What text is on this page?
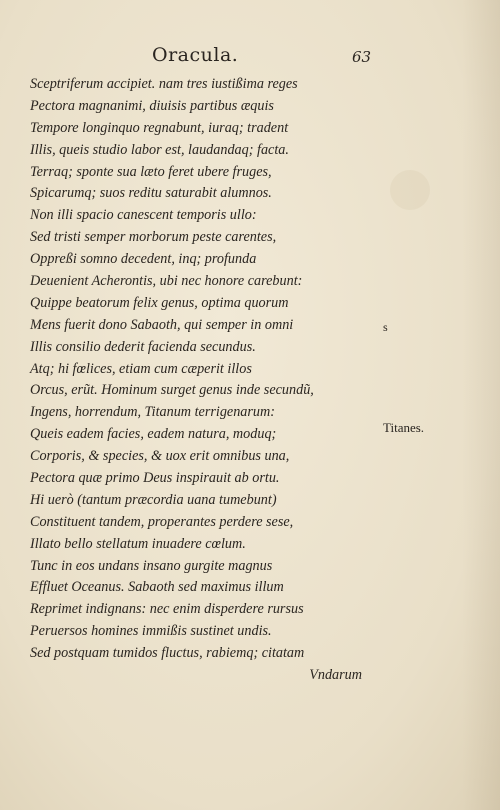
Oracula.	63
Sceptriferum accipiet. nam tres iustißima reges
Pectora magnanimi, diuisis partibus æquis
Tempore longinquo regnabunt, iuraq; tradent
Illis, queis studio labor est, laudandaq; facta.
Terraq; sponte sua læto feret ubere fruges,
Spicarumq; suos reditu saturabit alumnos.
Non illi spacio canescent temporis ullo:
Sed tristi semper morborum peste carentes,
Oppreßi somno decedent, inq; profunda
Deuenient Acherontis, ubi nec honore carebunt:
Quippe beatorum felix genus, optima quorum
Mens fuerit dono Sabaoth, qui semper in omni
Illis consilio dederit facienda secundus.
Atq; hi fœlices, etiam cum cæperit illos
Orcus, erũt. Hominum surget genus inde secundũ,
Ingens, horrendum, Titanum terrigenarum:
Queis eadem facies, eadem natura, moduq;
Corporis, & species, & uox erit omnibus una,
Pectora quæ primo Deus inspirauit ab ortu.
Hi uerò (tantum præcordia uana tumebunt)
Constituent tandem, properantes perdere sese,
Illato bello stellatum inuadere cœlum.
Tunc in eos undans insano gurgite magnus
Effluet Oceanus. Sabaoth sed maximus illum
Reprimet indignans: nec enim disperdere rursus
Peruersos homines immißis sustinet undis.
Sed postquam tumidos fluctus, rabiemq; citatam
Vndarum
s
Titanes.
